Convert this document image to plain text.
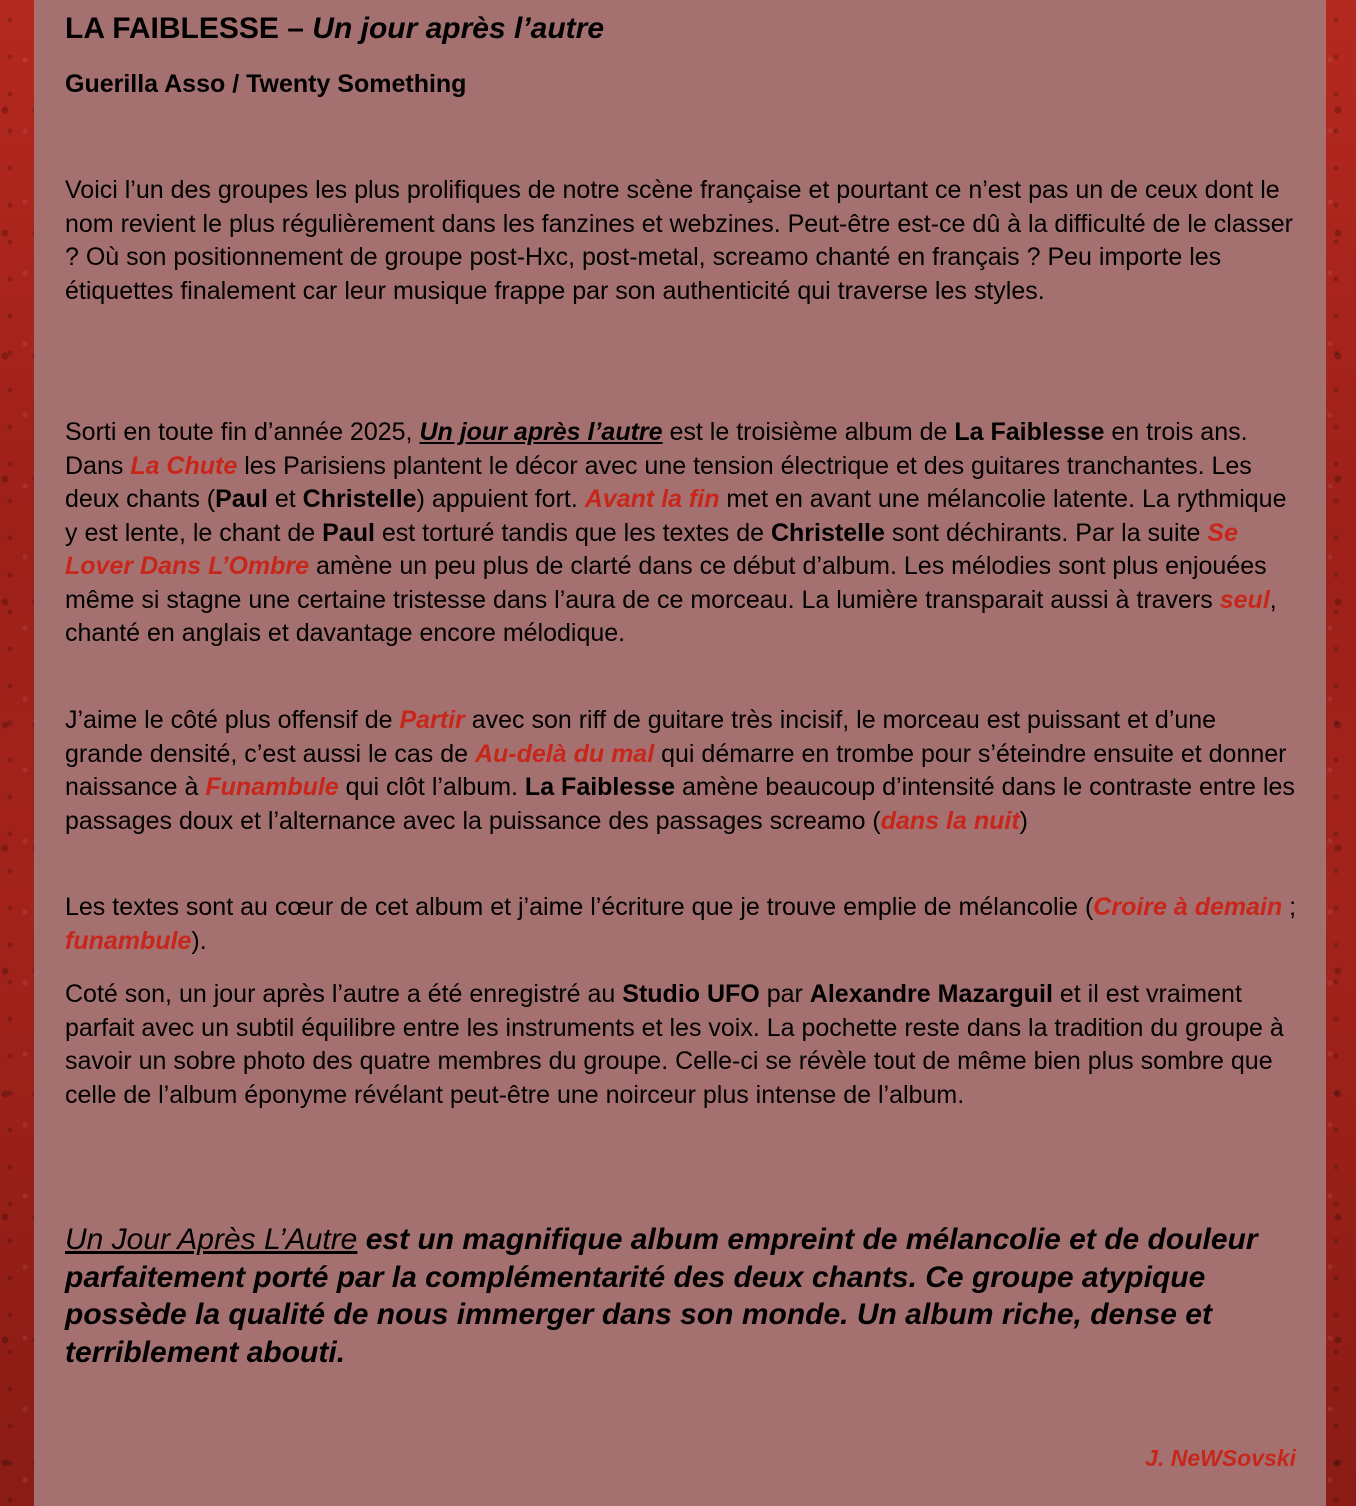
LA FAIBLESSE – Un jour après l’autre
Guerilla Asso / Twenty Something

Voici l’un des groupes les plus prolifiques de notre scène française et pourtant ce n’est pas un de ceux dont le nom revient le plus régulièrement dans les fanzines et webzines. Peut-être est-ce dû à la difficulté de le classer ? Où son positionnement de groupe post-Hxc, post-metal, screamo chanté en français ? Peu importe les étiquettes finalement car leur musique frappe par son authenticité qui traverse les styles.

Sorti en toute fin d’année 2025, Un jour après l’autre est le troisième album de La Faiblesse en trois ans. Dans La Chute les Parisiens plantent le décor avec une tension électrique et des guitares tranchantes. Les deux chants (Paul et Christelle) appuient fort. Avant la fin met en avant une mélancolie latente. La rythmique y est lente, le chant de Paul est torturé tandis que les textes de Christelle sont déchirants. Par la suite Se Lover Dans L’Ombre amène un peu plus de clarté dans ce début d’album. Les mélodies sont plus enjouées même si stagne une certaine tristesse dans l’aura de ce morceau. La lumière transparait aussi à travers seul, chanté en anglais et davantage encore mélodique.

J’aime le côté plus offensif de Partir avec son riff de guitare très incisif, le morceau est puissant et d’une grande densité, c’est aussi le cas de Au-delà du mal qui démarre en trombe pour s’éteindre ensuite et donner naissance à Funambule qui clôt l’album. La Faiblesse amène beaucoup d’intensité dans le contraste entre les passages doux et l’alternance avec la puissance des passages screamo (dans la nuit)

Les textes sont au cœur de cet album et j’aime l’écriture que je trouve emplie de mélancolie (Croire à demain ; funambule).

Coté son, un jour après l’autre a été enregistré au Studio UFO par Alexandre Mazarguil et il est vraiment parfait avec un subtil équilibre entre les instruments et les voix. La pochette reste dans la tradition du groupe à savoir un sobre photo des quatre membres du groupe. Celle-ci se révèle tout de même bien plus sombre que celle de l’album éponyme révélant peut-être une noirceur plus intense de l’album.

Un Jour Après L’Autre est un magnifique album empreint de mélancolie et de douleur parfaitement porté par la complémentarité des deux chants. Ce groupe atypique possède la qualité de nous immerger dans son monde. Un album riche, dense et terriblement abouti.

J. NeWSovski
